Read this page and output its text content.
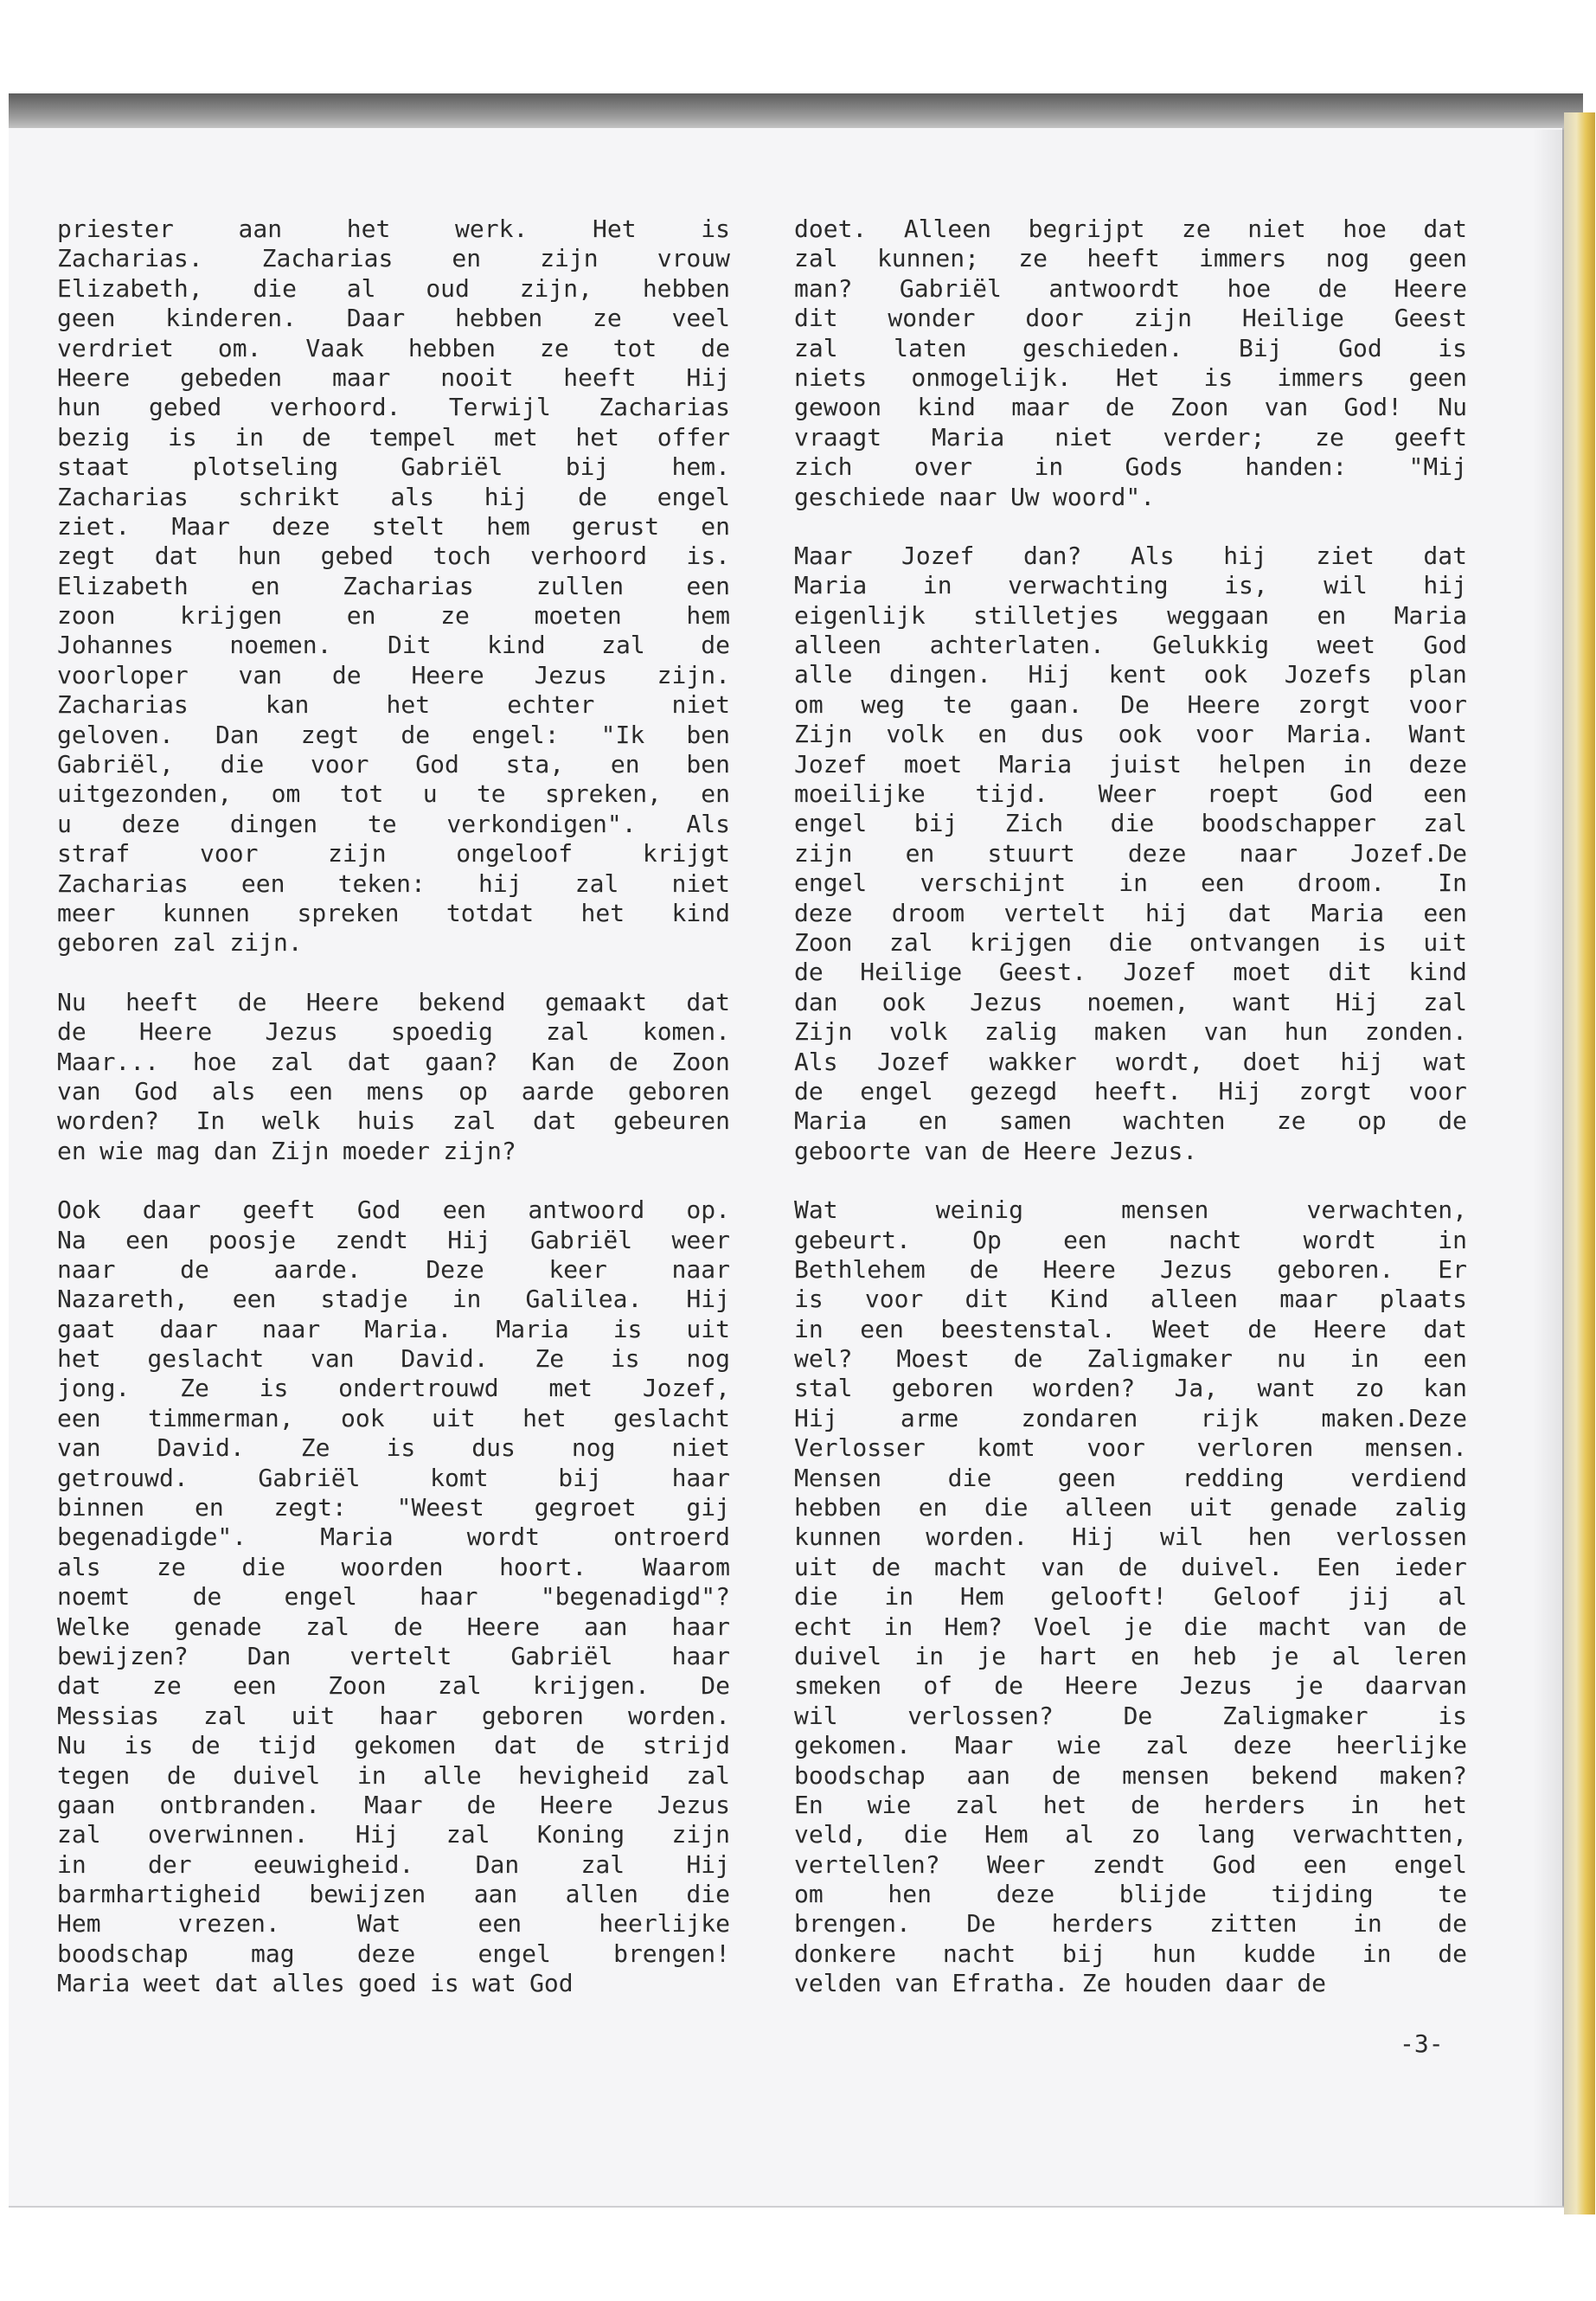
priester	aan	het	werk.	Het	is
Zacharias. Zacharias en zijn vrouw
Elizabeth, die al oud zijn, hebben
geen kinderen. Daar hebben ze veel
verdriet om. Vaak hebben ze tot de
Heere gebeden maar nooit heeft Hij
hun gebed verhoord. Terwijl Zacharias
bezig is in de tempel met het offer
staat	plotseling	Gabriël	bij	hem.
Zacharias schrikt als hij de engel
ziet. Maar deze stelt hem gerust en
zegt dat hun gebed toch verhoord is.
Elizabeth	en	Zacharias	zullen	een
zoon	krijgen	en	ze	moeten	hem
Johannes noemen. Dit kind zal de
voorloper van de Heere Jezus zijn.
Zacharias	kan	het	echter	niet
geloven. Dan zegt de engel: "Ik ben
Gabriël, die voor God sta, en ben
uitgezonden, om tot u te spreken, en
u deze dingen te verkondigen". Als
straf	voor	zijn	ongeloof	krijgt
Zacharias een teken: hij zal niet
meer kunnen spreken totdat het kind
geboren zal zijn.
Nu heeft de Heere bekend gemaakt dat
de Heere Jezus spoedig zal komen.
Maar... hoe zal dat gaan? Kan de Zoon
van God als een mens op aarde geboren
worden? In welk huis zal dat gebeuren
en wie mag dan Zijn moeder zijn?
Ook daar geeft God een antwoord op.
Na een poosje zendt Hij Gabriël weer
naar	de	aarde.	Deze	keer	naar
Nazareth, een stadje in Galilea. Hij
gaat daar naar Maria. Maria is uit
het geslacht van David. Ze is nog
jong. Ze is ondertrouwd met Jozef,
een timmerman, ook uit het geslacht
van David. Ze is dus nog niet
getrouwd.	Gabriël	komt	bij	haar
binnen en zegt: "Weest gegroet gij
begenadigde".	Maria	wordt	ontroerd
als ze die woorden hoort. Waarom
noemt	de	engel	haar	"begenadigd"?
Welke genade zal de Heere aan haar
bewijzen? Dan vertelt Gabriël haar
dat ze een Zoon zal krijgen. De
Messias zal uit haar geboren worden.
Nu is de tijd gekomen dat de strijd
tegen de duivel in alle hevigheid zal
gaan ontbranden. Maar de Heere Jezus
zal overwinnen. Hij zal Koning zijn
in	der	eeuwigheid.	Dan	zal	Hij
barmhartigheid bewijzen aan allen die
Hem	vrezen.	Wat	een	heerlijke
boodschap	mag	deze	engel	brengen!
Maria weet dat alles goed is wat God
doet. Alleen begrijpt ze niet hoe dat
zal kunnen; ze heeft immers nog geen
man? Gabriël antwoordt hoe de Heere
dit wonder door zijn Heilige Geest
zal laten geschieden. Bij God is
niets onmogelijk. Het is immers geen
gewoon kind maar de Zoon van God! Nu
vraagt Maria niet verder; ze geeft
zich	over	in	Gods	handen:	"Mij
geschiede naar Uw woord".
Maar Jozef dan? Als hij ziet dat
Maria in verwachting is, wil hij
eigenlijk stilletjes weggaan en Maria
alleen achterlaten. Gelukkig weet God
alle dingen. Hij kent ook Jozefs plan
om weg te gaan. De Heere zorgt voor
Zijn volk en dus ook voor Maria. Want
Jozef moet Maria juist helpen in deze
moeilijke tijd. Weer roept God een
engel bij Zich die boodschapper zal
zijn en stuurt deze naar Jozef.De
engel verschijnt in een droom. In
deze droom vertelt hij dat Maria een
Zoon zal krijgen die ontvangen is uit
de Heilige Geest. Jozef moet dit kind
dan ook Jezus noemen, want Hij zal
Zijn volk zalig maken van hun zonden.
Als Jozef wakker wordt, doet hij wat
de engel gezegd heeft. Hij zorgt voor
Maria en samen wachten ze op de
geboorte van de Heere Jezus.
Wat	weinig	mensen	verwachten,
gebeurt.	Op	een	nacht	wordt	in
Bethlehem de Heere Jezus geboren. Er
is voor dit Kind alleen maar plaats
in een beestenstal. Weet de Heere dat
wel? Moest de Zaligmaker nu in een
stal geboren worden? Ja, want zo kan
Hij	arme	zondaren	rijk	maken.Deze
Verlosser komt voor verloren mensen.
Mensen	die	geen	redding	verdiend
hebben en die alleen uit genade zalig
kunnen worden. Hij wil hen verlossen
uit de macht van de duivel. Een ieder
die in Hem gelooft! Geloof jij al
echt in Hem? Voel je die macht van de
duivel in je hart en heb je al leren
smeken of de Heere Jezus je daarvan
wil	verlossen?	De	Zaligmaker	is
gekomen. Maar wie zal deze heerlijke
boodschap aan de mensen bekend maken?
En wie zal het de herders in het
veld, die Hem al zo lang verwachtten,
vertellen? Weer zendt God een engel
om	hen	deze	blijde	tijding	te
brengen. De herders zitten in de
donkere nacht bij hun kudde in de
velden van Efratha. Ze houden daar de
-3-
